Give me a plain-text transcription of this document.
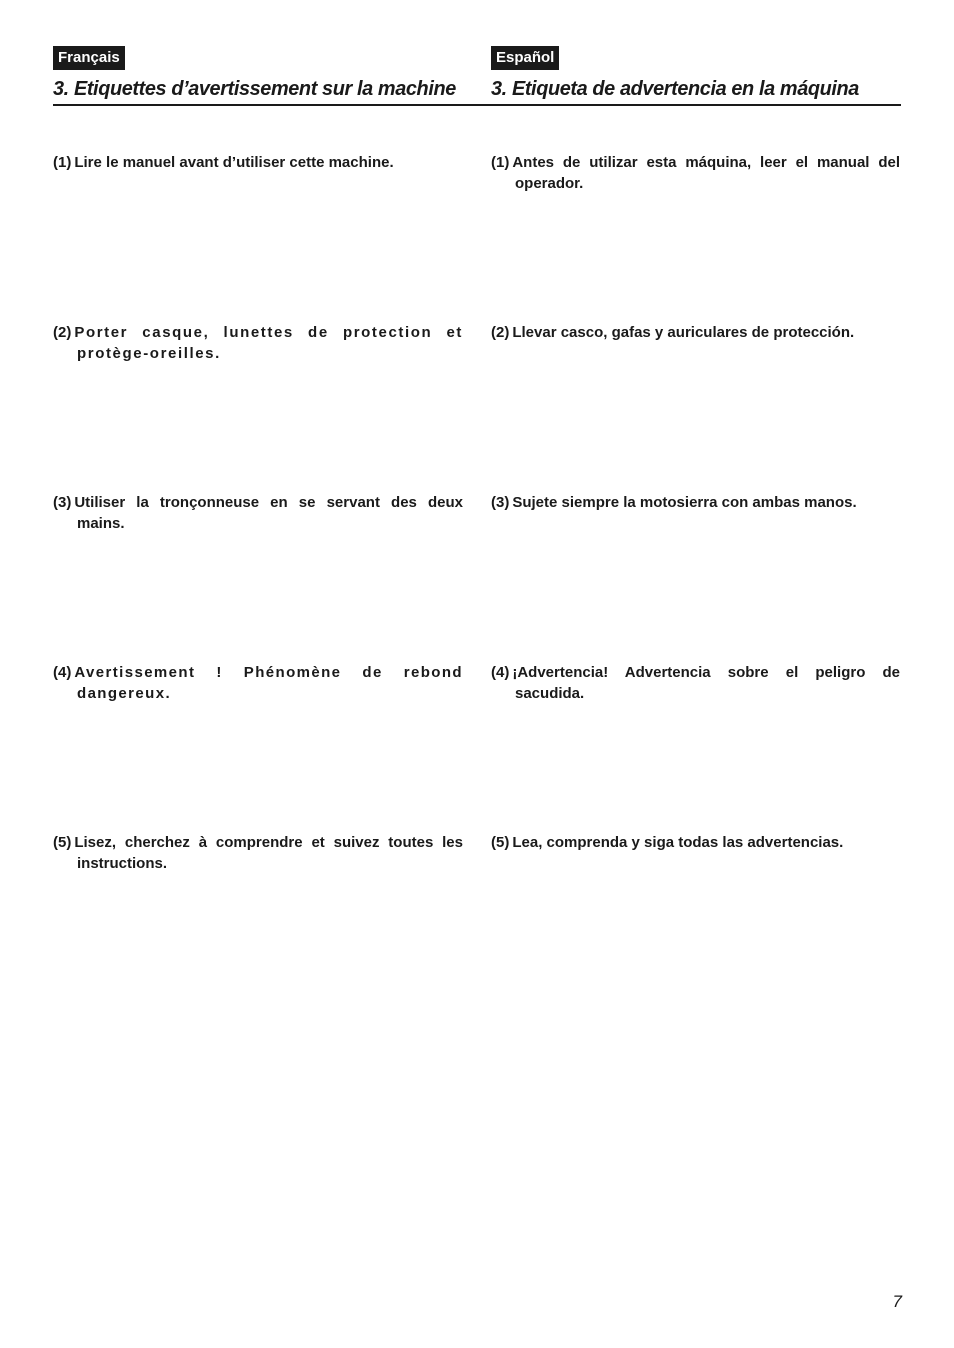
Français
3. Etiquettes d’avertissement sur la machine
(1) Lire le manuel avant d’utiliser cette machine.
(2) Porter casque, lunettes de protection et protège-oreilles.
(3) Utiliser la tronçonneuse en se servant des deux mains.
(4) Avertissement ! Phénomène de rebond dangereux.
(5) Lisez, cherchez à comprendre et suivez toutes les instructions.
Español
3. Etiqueta de advertencia en la máquina
(1) Antes de utilizar esta máquina, leer el manual del operador.
(2) Llevar casco, gafas y auriculares de protección.
(3) Sujete siempre la motosierra con ambas manos.
(4) ¡Advertencia! Advertencia sobre el peligro de sacudida.
(5) Lea, comprenda y siga todas las advertencias.
7
